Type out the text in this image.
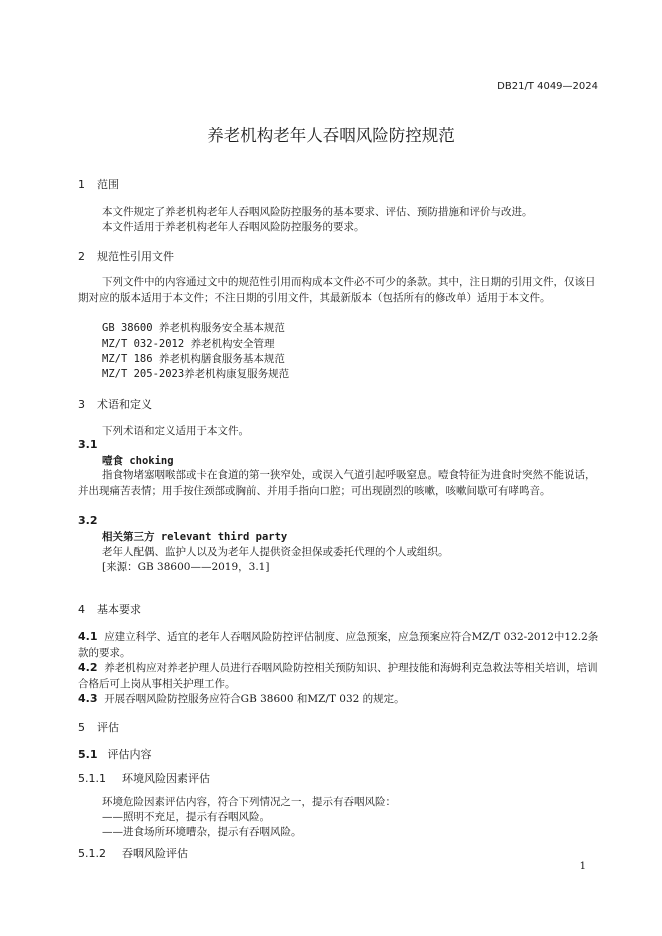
DB21/T 4049—2024
养老机构老年人吞咽风险防控规范
1 范围
本文件规定了养老机构老年人吞咽风险防控服务的基本要求、评估、预防措施和评价与改进。
本文件适用于养老机构老年人吞咽风险防控服务的要求。
2 规范性引用文件
下列文件中的内容通过文中的规范性引用而构成本文件必不可少的条款。其中，注日期的引用文件，仅该日期对应的版本适用于本文件；不注日期的引用文件，其最新版本（包括所有的修改单）适用于本文件。
GB 38600 养老机构服务安全基本规范
MZ/T 032-2012 养老机构安全管理
MZ/T 186 养老机构膳食服务基本规范
MZ/T 205-2023养老机构康复服务规范
3 术语和定义
下列术语和定义适用于本文件。
3.1
噎食 choking
指食物堵塞咽喉部或卡在食道的第一狭窄处，或误入气道引起呼吸窒息。噎食特征为进食时突然不能说话，并出现痛苦表情；用手按住颈部或胸前、并用手指向口腔；可出现剧烈的咳嗽，咳嗽间歇可有哮鸣音。
3.2
相关第三方 relevant third party
老年人配偶、监护人以及为老年人提供资金担保或委托代理的个人或组织。
[来源：GB 38600——2019，3.1]
4 基本要求
4.1 应建立科学、适宜的老年人吞咽风险防控评估制度、应急预案，应急预案应符合MZ/T 032-2012中12.2条款的要求。
4.2 养老机构应对养老护理人员进行吞咽风险防控相关预防知识、护理技能和海姆利克急救法等相关培训，培训合格后可上岗从事相关护理工作。
4.3 开展吞咽风险防控服务应符合GB 38600 和MZ/T 032 的规定。
5 评估
5.1 评估内容
5.1.1 环境风险因素评估
环境危险因素评估内容，符合下列情况之一，提示有吞咽风险：
——照明不充足，提示有吞咽风险。
——进食场所环境嘈杂，提示有吞咽风险。
5.1.2 吞咽风险评估
1
